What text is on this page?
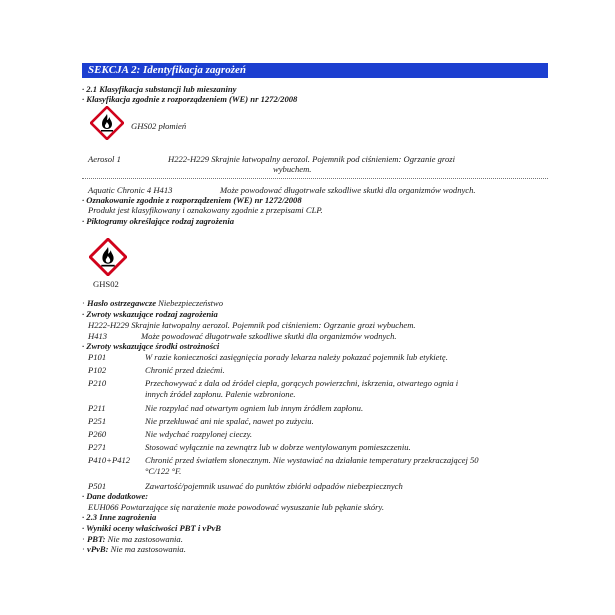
SEKCJA 2: Identyfikacja zagrożeń
· 2.1 Klasyfikacja substancji lub mieszaniny
· Klasyfikacja zgodnie z rozporządzeniem (WE) nr 1272/2008
GHS02 płomień
Aerosol 1	H222-H229 Skrajnie łatwopalny aerozol. Pojemnik pod ciśnieniem: Ogrzanie grozi
wybuchem.
Aquatic Chronic 4 H413	Może powodować długotrwałe szkodliwe skutki dla organizmów wodnych.
· Oznakowanie zgodnie z rozporządzeniem (WE) nr 1272/2008
Produkt jest klasyfikowany i oznakowany zgodnie z przepisami CLP.
· Piktogramy określające rodzaj zagrożenia
GHS02
· Hasło ostrzegawcze Niebezpieczeństwo
· Zwroty wskazujące rodzaj zagrożenia
H222-H229 Skrajnie łatwopalny aerozol. Pojemnik pod ciśnieniem: Ogrzanie grozi wybuchem.
H413	Może powodować długotrwałe szkodliwe skutki dla organizmów wodnych.
· Zwroty wskazujące środki ostrożności
P101	W razie konieczności zasięgnięcia porady lekarza należy pokazać pojemnik lub etykietę.
P102	Chronić przed dziećmi.
P210	Przechowywać z dala od źródeł ciepła, gorących powierzchni, iskrzenia, otwartego ognia i
innych źródeł zapłonu. Palenie wzbronione.
P211	Nie rozpylać nad otwartym ogniem lub innym źródłem zapłonu.
P251	Nie przekłuwać ani nie spalać, nawet po zużyciu.
P260	Nie wdychać rozpylonej cieczy.
P271	Stosować wyłącznie na zewnątrz lub w dobrze wentylowanym pomieszczeniu.
P410+P412 Chronić przed światłem słonecznym. Nie wystawiać na działanie temperatury przekraczającej 50
°C/122 °F.
P501	Zawartość/pojemnik usuwać do punktów zbiórki odpadów niebezpiecznych
· Dane dodatkowe:
EUH066 Powtarzające się narażenie może powodować wysuszanie lub pękanie skóry.
· 2.3 Inne zagrożenia
· Wyniki oceny właściwości PBT i vPvB
· PBT: Nie ma zastosowania.
· vPvB: Nie ma zastosowania.
